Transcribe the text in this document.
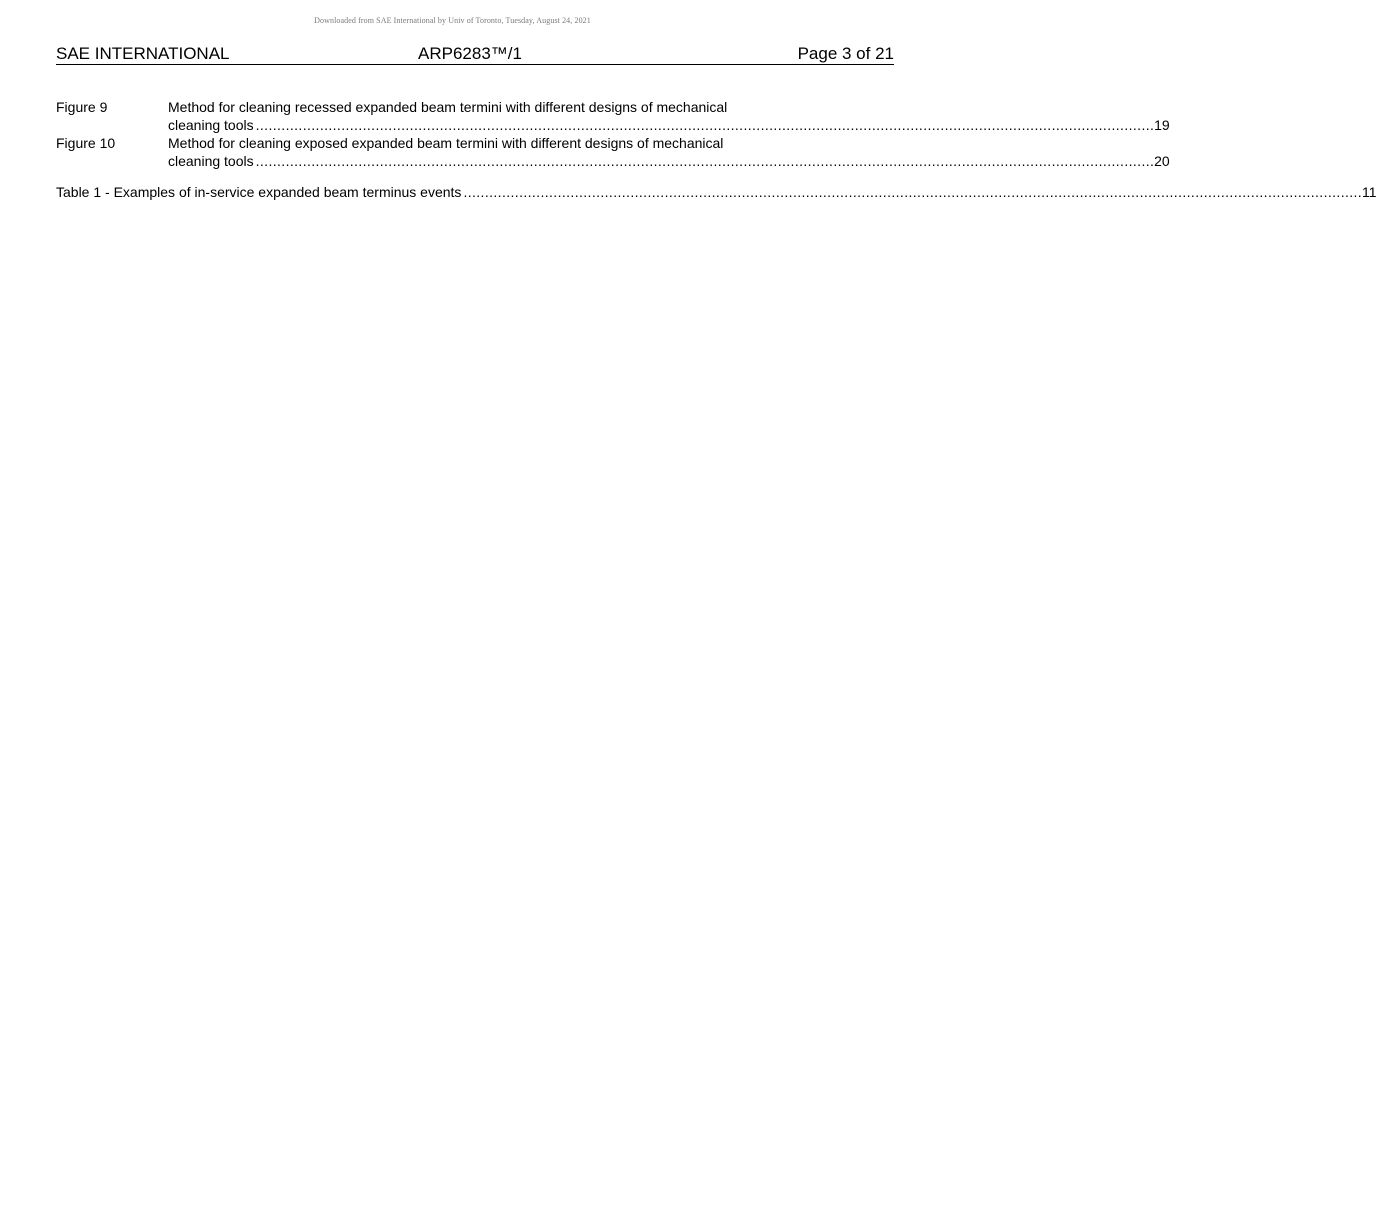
Downloaded from SAE International by Univ of Toronto, Tuesday, August 24, 2021
SAE INTERNATIONAL	ARP6283™/1	Page 3 of 21
Figure 9	Method for cleaning recessed expanded beam termini with different designs of mechanical
cleaning tools . . .	19
Figure 10	Method for cleaning exposed expanded beam termini with different designs of mechanical
cleaning tools . . .	20
Table 1 - Examples of in-service expanded beam terminus events . . .	11
